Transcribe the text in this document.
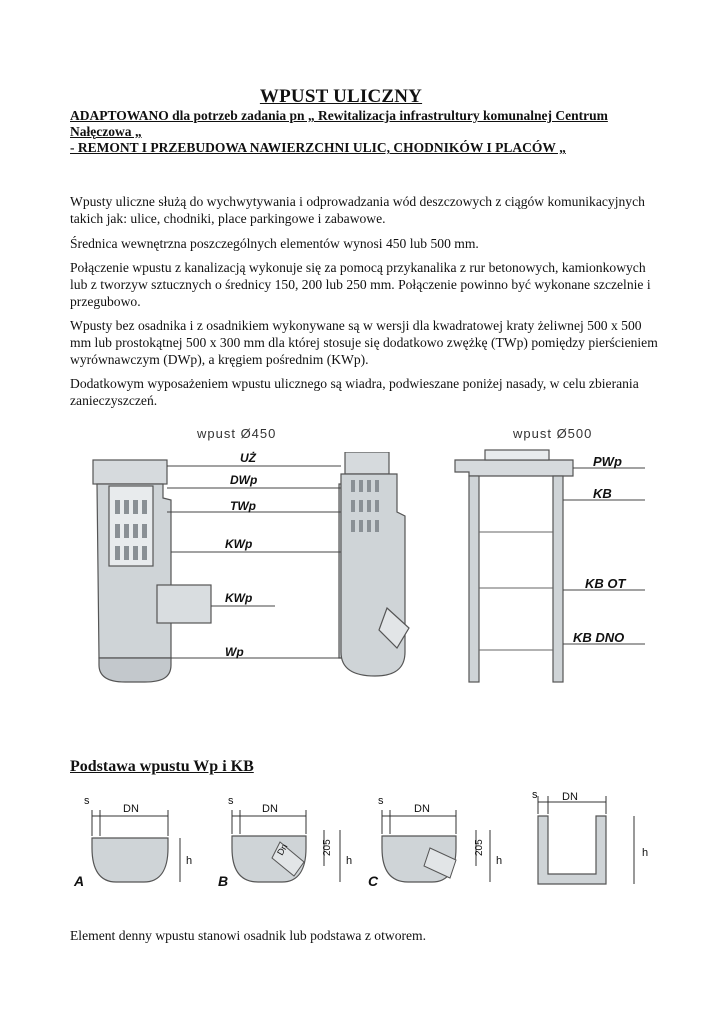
WPUST ULICZNY
ADAPTOWANO dla potrzeb zadania pn „ Rewitalizacja infrastrultury komunalnej Centrum
Nałęczowa „
- REMONT I PRZEBUDOWA NAWIERZCHNI ULIC, CHODNIKÓW I PLACÓW „
Wpusty uliczne służą do wychwytywania i odprowadzania wód deszczowych z ciągów komunikacyjnych takich jak: ulice, chodniki, place parkingowe i zabawowe.
Średnica wewnętrzna poszczególnych elementów wynosi 450 lub 500 mm.
Połączenie wpustu z kanalizacją wykonuje się za pomocą przykanalika z rur betonowych, kamionkowych lub z tworzyw sztucznych o średnicy 150, 200 lub 250 mm. Połączenie powinno być wykonane szczelnie i przegubowo.
Wpusty bez osadnika i z osadnikiem wykonywane są w wersji dla kwadratowej kraty żeliwnej 500 x 500 mm lub prostokątnej 500 x 300 mm dla której stosuje się dodatkowo zwężkę (TWp) pomiędzy pierścieniem wyrównawczym (DWp), a kręgiem pośrednim (KWp).
Dodatkowym wyposażeniem wpustu ulicznego są wiadra, podwieszane poniżej nasady, w celu zbierania zanieczyszczeń.
wpust Ø450
UŻ
DWp
TWp
KWp
KWp
Wp
wpust Ø500
PWp
KB
KB OT
KB DNO
Podstawa wpustu Wp i KB
s
DN
h
A
s
DN
Dn	205
h
B
s
DN
205
h
C
s DN
h
Element denny wpustu stanowi osadnik lub podstawa z otworem.
